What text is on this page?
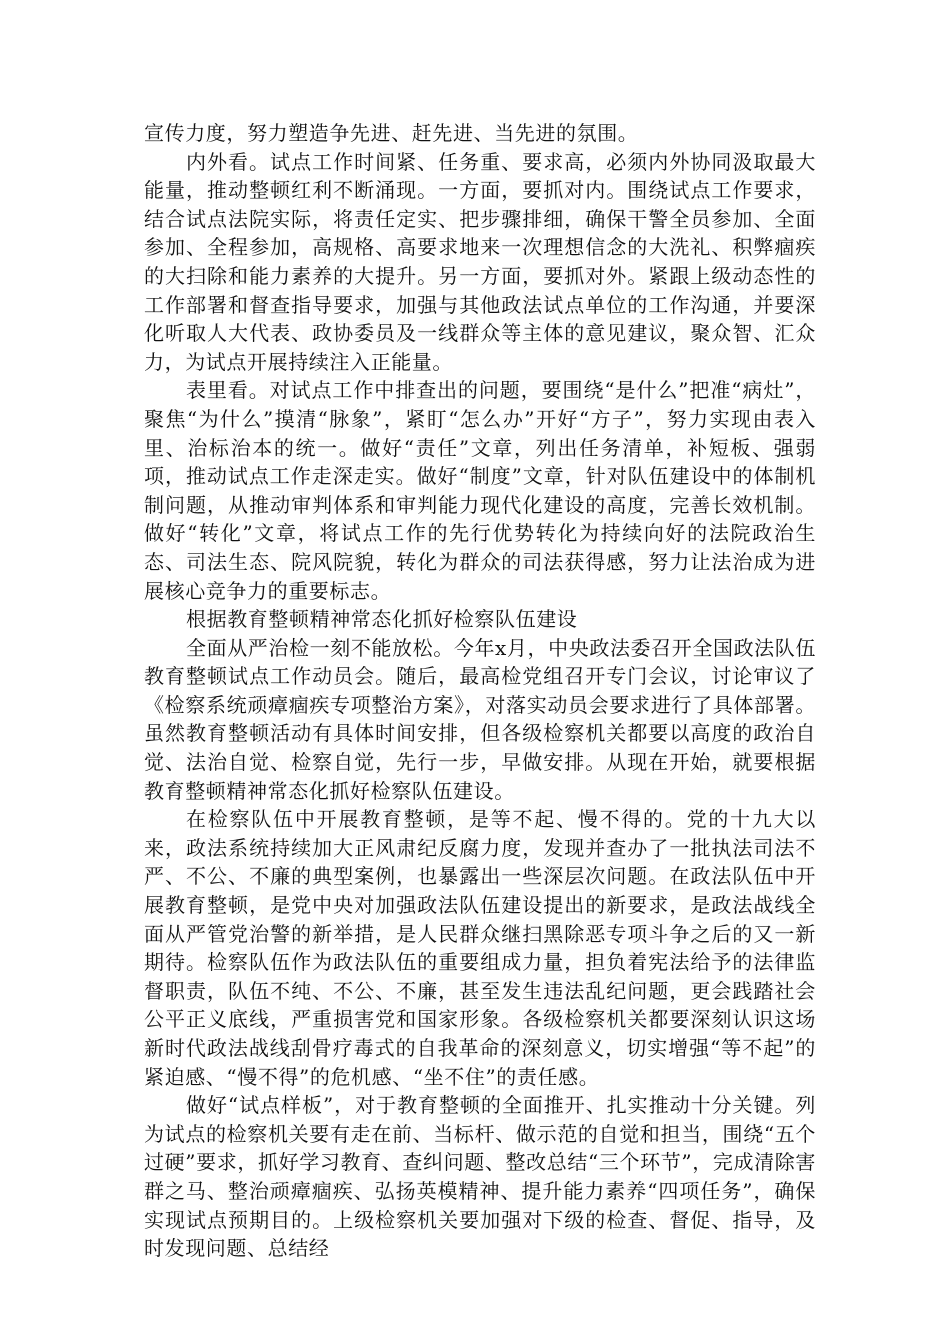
宣传力度，努力塑造争先进、赶先进、当先进的氛围。

内外看。试点工作时间紧、任务重、要求高，必须内外协同汲取最大能量，推动整顿红利不断涌现。一方面，要抓对内。围绕试点工作要求，结合试点法院实际，将责任定实、把步骤排细，确保干警全员参加、全面参加、全程参加，高规格、高要求地来一次理想信念的大洗礼、积弊痼疾的大扫除和能力素养的大提升。另一方面，要抓对外。紧跟上级动态性的工作部署和督查指导要求，加强与其他政法试点单位的工作沟通，并要深化听取人大代表、政协委员及一线群众等主体的意见建议，聚众智、汇众力，为试点开展持续注入正能量。

表里看。对试点工作中排查出的问题，要围绕“是什么”把准“病灶”，聚焦“为什么”摸清“脉象”，紧盯“怎么办”开好“方子”，努力实现由表入里、治标治本的统一。做好“责任”文章，列出任务清单，补短板、强弱项，推动试点工作走深走实。做好“制度”文章，针对队伍建设中的体制机制问题，从推动审判体系和审判能力现代化建设的高度，完善长效机制。做好“转化”文章，将试点工作的先行优势转化为持续向好的法院政治生态、司法生态、院风院貌，转化为群众的司法获得感，努力让法治成为进展核心竞争力的重要标志。

根据教育整顿精神常态化抓好检察队伍建设

全面从严治检一刻不能放松。今年x月，中央政法委召开全国政法队伍教育整顿试点工作动员会。随后，最高检党组召开专门会议，讨论审议了《检察系统顽瘴痼疾专项整治方案》，对落实动员会要求进行了具体部署。虽然教育整顿活动有具体时间安排，但各级检察机关都要以高度的政治自觉、法治自觉、检察自觉，先行一步，早做安排。从现在开始，就要根据教育整顿精神常态化抓好检察队伍建设。

在检察队伍中开展教育整顿，是等不起、慢不得的。党的十九大以来，政法系统持续加大正风肃纪反腐力度，发现并查办了一批执法司法不严、不公、不廉的典型案例，也暴露出一些深层次问题。在政法队伍中开展教育整顿，是党中央对加强政法队伍建设提出的新要求，是政法战线全面从严管党治警的新举措，是人民群众继扫黑除恶专项斗争之后的又一新期待。检察队伍作为政法队伍的重要组成力量，担负着宪法给予的法律监督职责，队伍不纯、不公、不廉，甚至发生违法乱纪问题，更会践踏社会公平正义底线，严重损害党和国家形象。各级检察机关都要深刻认识这场新时代政法战线刮骨疗毒式的自我革命的深刻意义，切实增强“等不起”的紧迫感、“慢不得”的危机感、“坐不住”的责任感。

做好“试点样板”，对于教育整顿的全面推开、扎实推动十分关键。列为试点的检察机关要有走在前、当标杆、做示范的自觉和担当，围绕“五个过硬”要求，抓好学习教育、查纠问题、整改总结“三个环节”，完成清除害群之马、整治顽瘴痼疾、弘扬英模精神、提升能力素养“四项任务”，确保实现试点预期目的。上级检察机关要加强对下级的检查、督促、指导，及时发现问题、总结经
